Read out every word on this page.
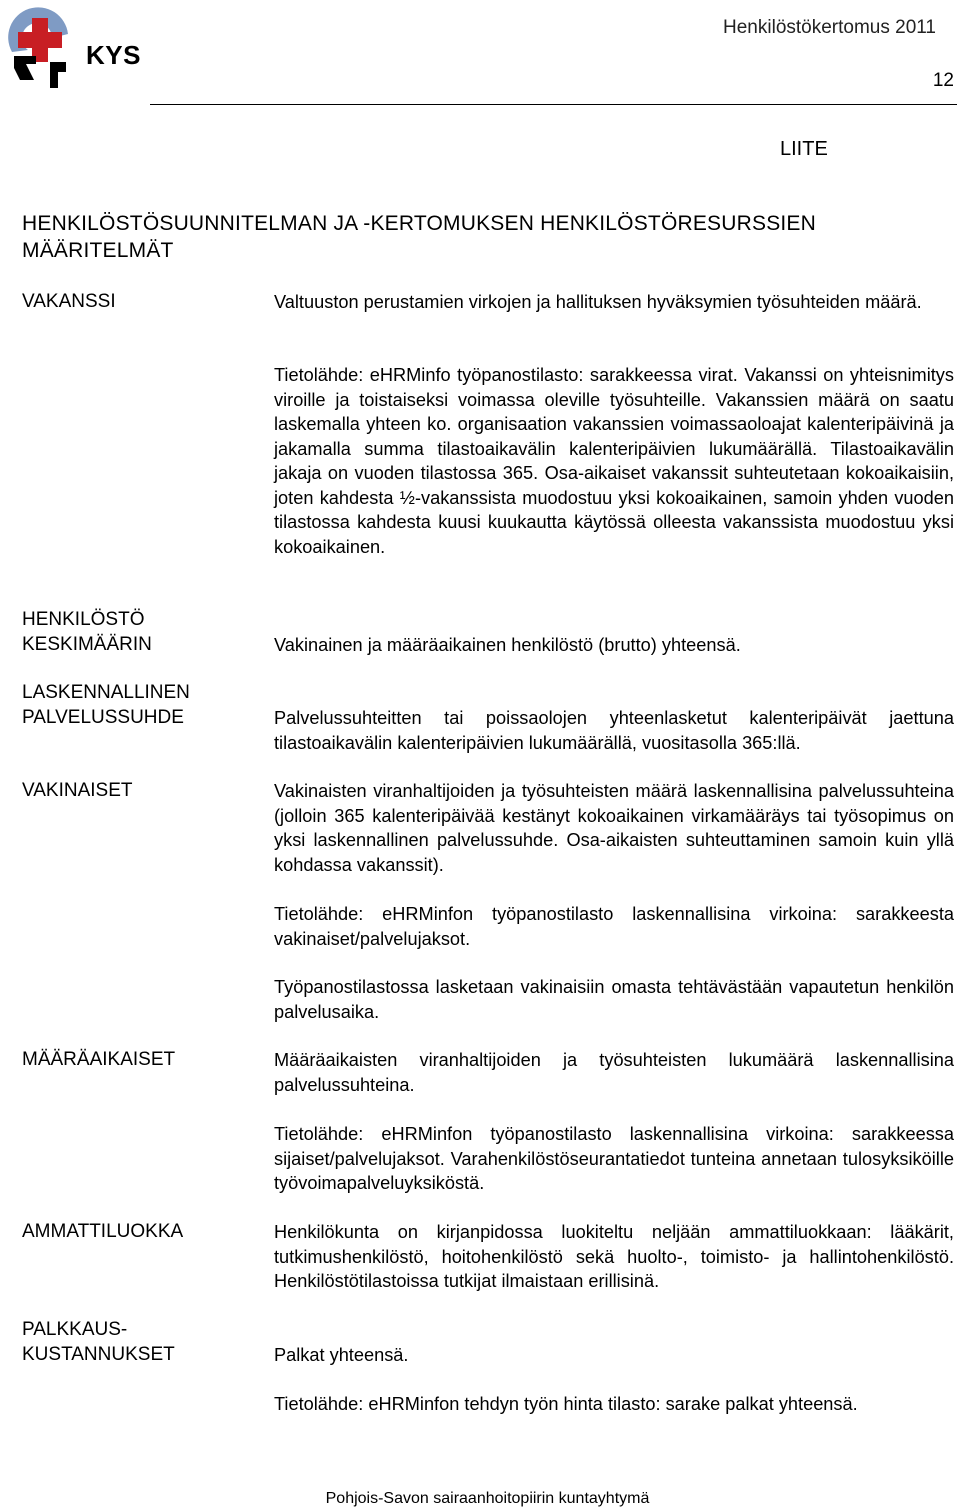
KYS
Henkilöstökertomus 2011
12
LIITE
HENKILÖSTÖSUUNNITELMAN JA -KERTOMUKSEN HENKILÖSTÖRESURSSIEN MÄÄRITELMÄT
VAKANSSI
HENKILÖSTÖ KESKIMÄÄRIN
LASKENNALLINEN PALVELUSSUHDE
VAKINAISET
MÄÄRÄAIKAISET
AMMATTILUOKKA
PALKKAUS-KUSTANNUKSET

Valtuuston perustamien virkojen ja hallituksen hyväksymien työsuhteiden määrä.

Tietolähde: eHRMinfo työpanostilasto: sarakkeessa virat. Vakanssi on yhteisnimitys viroille ja toistaiseksi voimassa oleville työsuhteille. Vakanssien määrä on saatu laskemalla yhteen ko. organisaation vakanssien voimassaoloajat kalenteripäivinä ja jakamalla summa tilastoaikavälin kalenteripäivien lukumäärällä. Tilastoaikavälin jakaja on vuoden tilastossa 365. Osa-aikaiset vakanssit suhteutetaan kokoaikaisiin, joten kahdesta ½-vakanssista muodostuu yksi kokoaikainen, samoin yhden vuoden tilastossa kahdesta kuusi kuukautta käytössä olleesta vakanssista muodostuu yksi kokoaikainen.

Vakinainen ja määräaikainen henkilöstö (brutto) yhteensä.

Palvelussuhteitten tai poissaolojen yhteenlasketut kalenteripäivät jaettuna tilastoaikavälin kalenteripäivien lukumäärällä, vuositasolla 365:llä.

Vakinaisten viranhaltijoiden ja työsuhteisten määrä laskennallisina palvelussuhteina (jolloin 365 kalenteripäivää kestänyt kokoaikainen virkamääräys tai työsopimus on yksi laskennallinen palvelussuhde. Osa-aikaisten suhteuttaminen samoin kuin yllä kohdassa vakanssit).

Tietolähde: eHRMinfon työpanostilasto laskennallisina virkoina: sarakkeesta vakinaiset/palvelujaksot.

Työpanostilastossa lasketaan vakinaisiin omasta tehtävästään vapautetun henkilön palvelusaika.

Määräaikaisten viranhaltijoiden ja työsuhteisten lukumäärä laskennallisina palvelussuhteina.

Tietolähde: eHRMinfon työpanostilasto laskennallisina virkoina: sarakkeessa sijaiset/palvelujaksot. Varahenkilöstöseurantatiedot tunteina annetaan tulosyksiköille työvoimapalveluyksiköstä.

Henkilökunta on kirjanpidossa luokiteltu neljään ammattiluokkaan: lääkärit, tutkimushenkilöstö, hoitohenkilöstö sekä huolto-, toimisto- ja hallintohenkilöstö. Henkilöstötilastoissa tutkijat ilmaistaan erillisinä.

Palkat yhteensä.

Tietolähde: eHRMinfon tehdyn työn hinta tilasto: sarake palkat yhteensä.

Pohjois-Savon sairaanhoitopiirin kuntayhtymä
